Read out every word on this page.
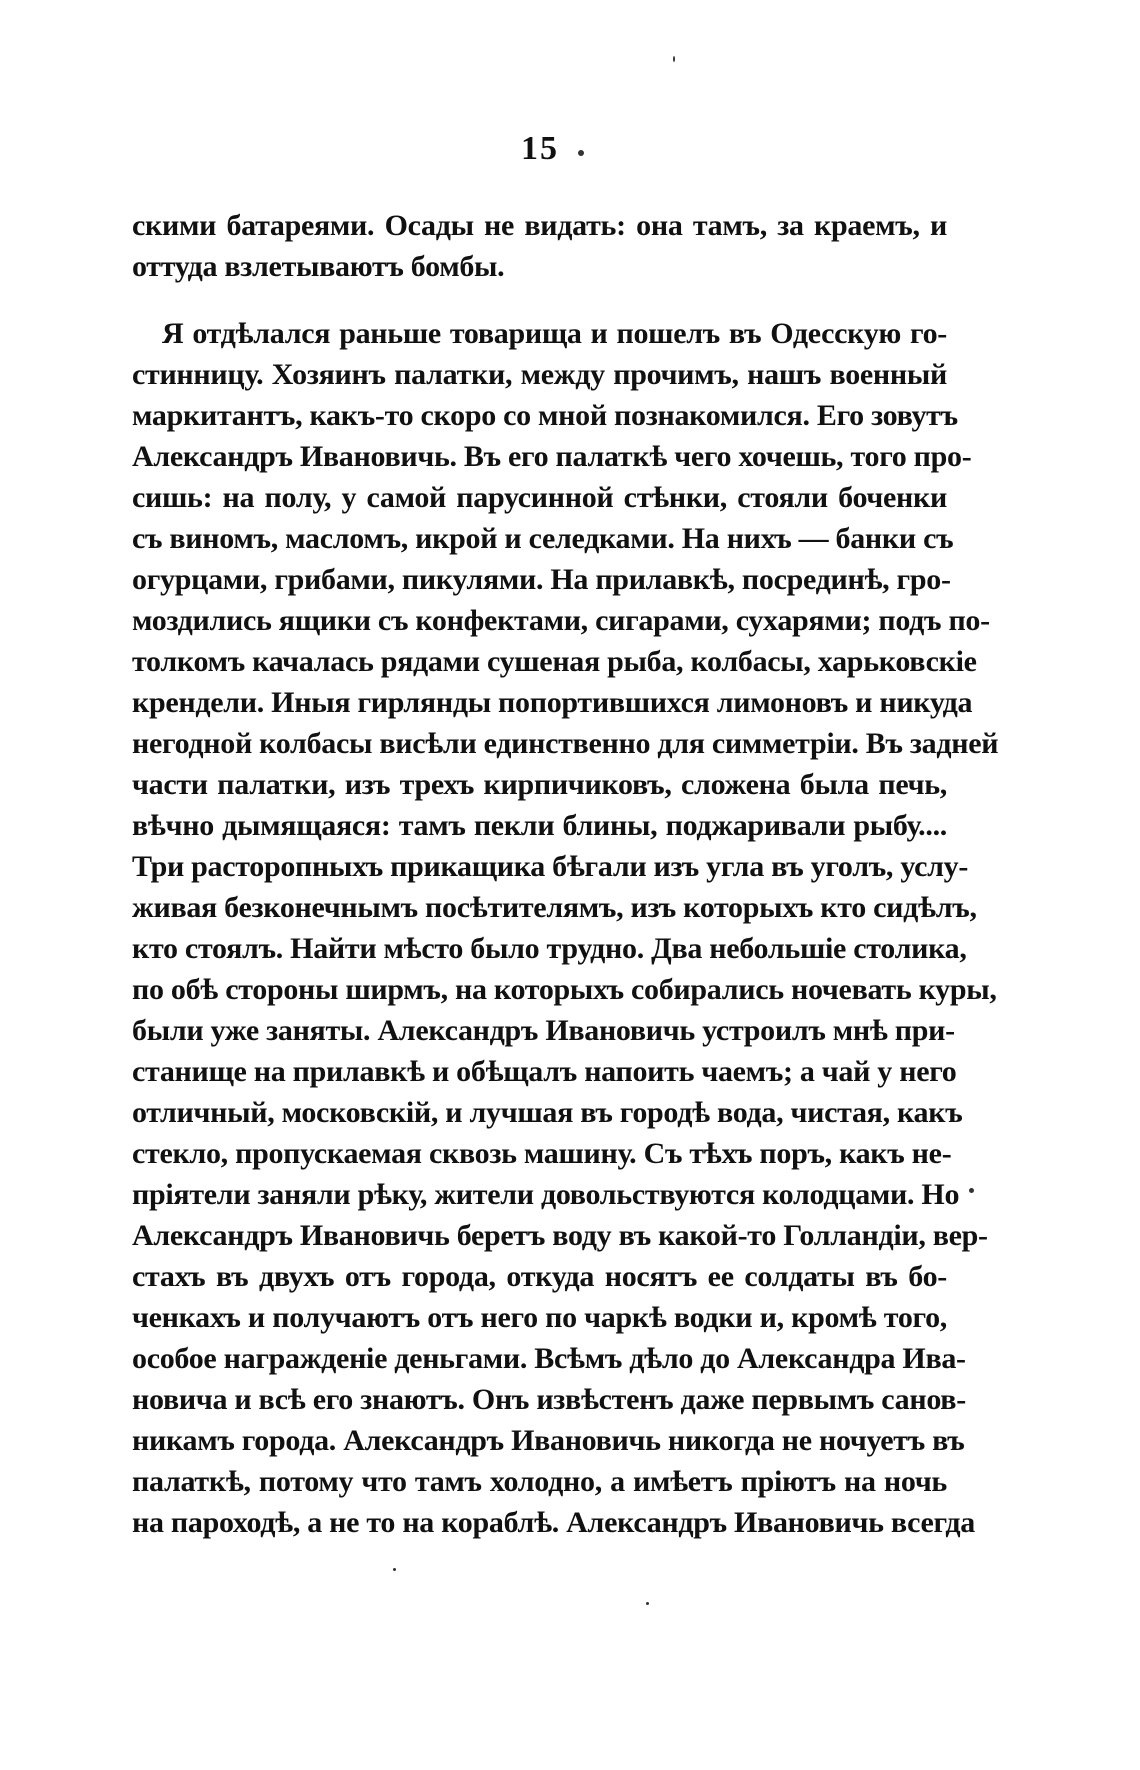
15
скими батареями. Осады не видать: она тамъ, за краемъ, и
оттуда взлетываютъ бомбы.
Я отдѣлался раньше товарища и пошелъ въ Одесскую го-
стинницу. Хозяинъ палатки, между прочимъ, нашъ военный
маркитантъ, какъ-то скоро со мной познакомился. Его зовутъ
Александръ Ивановичь. Въ его палаткѣ чего хочешь, того про-
сишь: на полу, у самой парусинной стѣнки, стояли боченки
съ виномъ, масломъ, икрой и селедками. На нихъ — банки съ
огурцами, грибами, пикулями. На прилавкѣ, посрединѣ, гро-
моздились ящики съ конфектами, сигарами, сухарями; подъ по-
толкомъ качалась рядами сушеная рыба, колбасы, харьковскіе
крендели. Иныя гирлянды попортившихся лимоновъ и никуда
негодной колбасы висѣли единственно для симметріи. Въ задней
части палатки, изъ трехъ кирпичиковъ, сложена была печь,
вѣчно дымящаяся: тамъ пекли блины, поджаривали рыбу....
Три расторопныхъ прикащика бѣгали изъ угла въ уголъ, услу-
живая безконечнымъ посѣтителямъ, изъ которыхъ кто сидѣлъ,
кто стоялъ. Найти мѣсто было трудно. Два небольшіе столика,
по обѣ стороны ширмъ, на которыхъ собирались ночевать куры,
были уже заняты. Александръ Ивановичь устроилъ мнѣ при-
станище на прилавкѣ и обѣщалъ напоить чаемъ; а чай у него
отличный, московскій, и лучшая въ городѣ вода, чистая, какъ
стекло, пропускаемая сквозь машину. Съ тѣхъ поръ, какъ не-
пріятели заняли рѣку, жители довольствуются колодцами. Но
Александръ Ивановичь беретъ воду въ какой-то Голландіи, вер-
стахъ въ двухъ отъ города, откуда носятъ ее солдаты въ бо-
ченкахъ и получаютъ отъ него по чаркѣ водки и, кромѣ того,
особое награжденіе деньгами. Всѣмъ дѣло до Александра Ива-
новича и всѣ его знаютъ. Онъ извѣстенъ даже первымъ санов-
никамъ города. Александръ Ивановичь никогда не ночуетъ въ
палаткѣ, потому что тамъ холодно, а имѣетъ пріютъ на ночь
на пароходѣ, а не то на кораблѣ. Александръ Ивановичь всегда
